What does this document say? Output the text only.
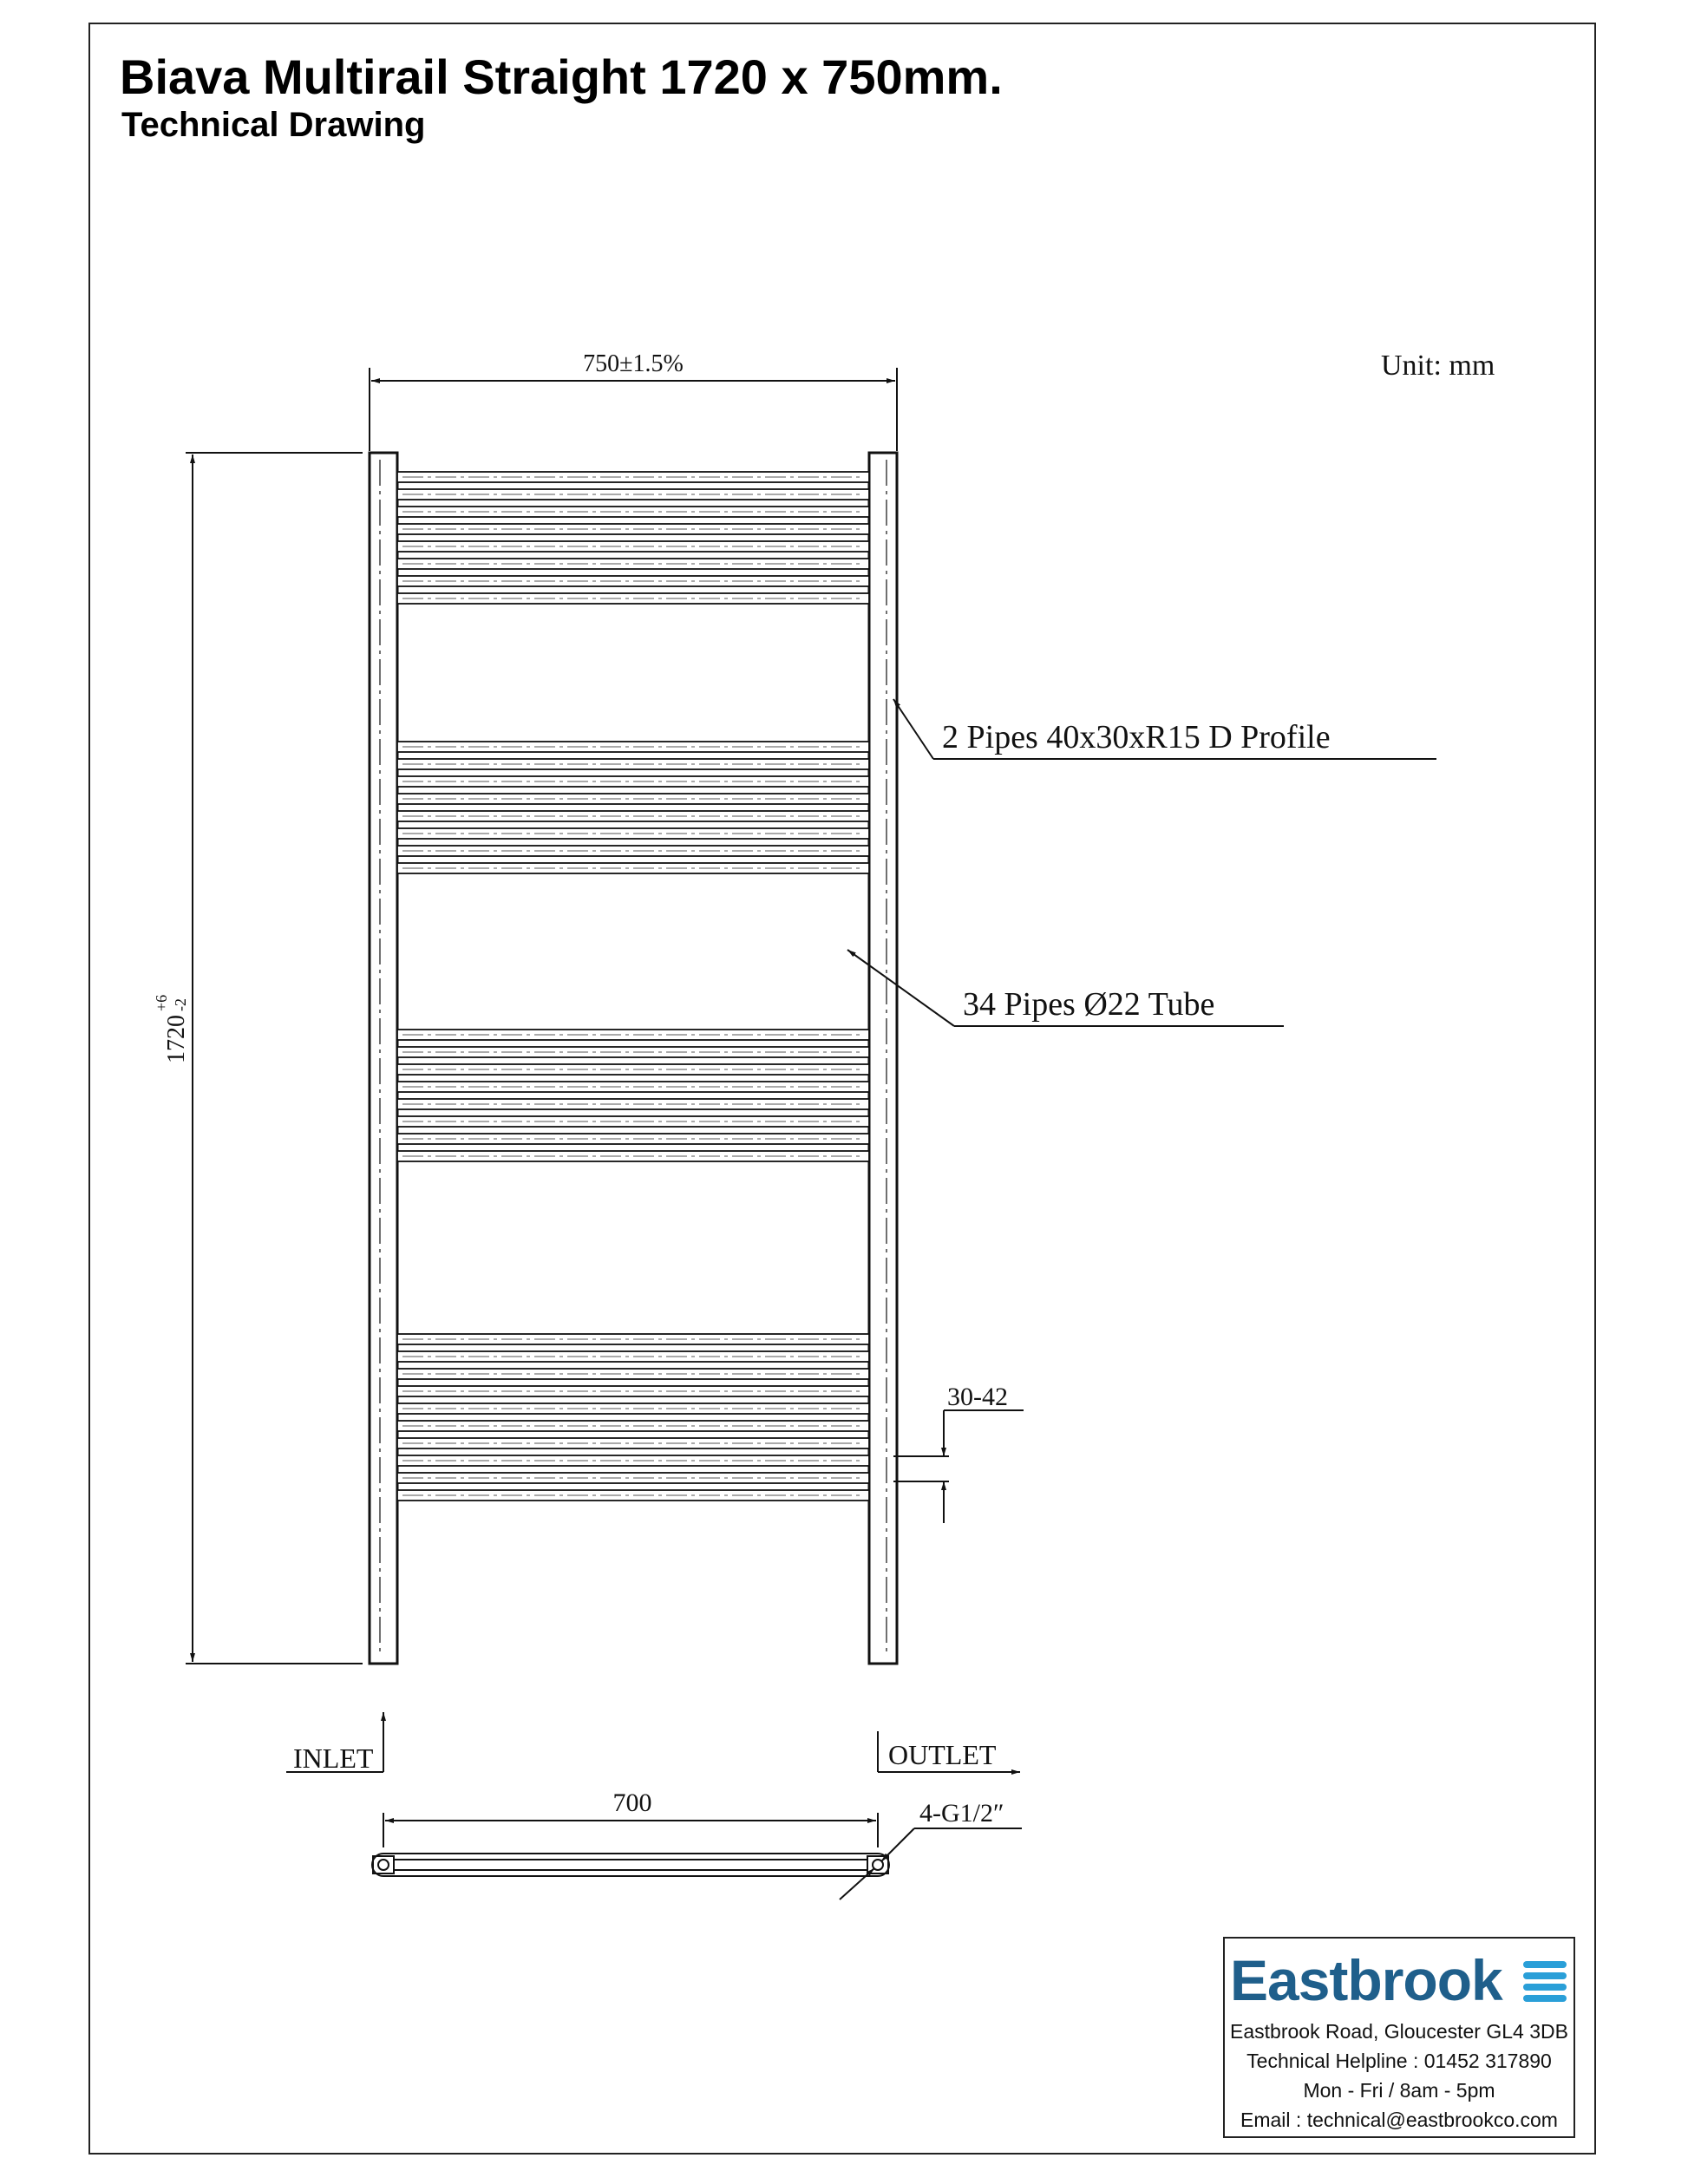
Biava Multirail Straight 1720 x 750mm.
Technical Drawing
Unit: mm
750±1.5%
1720
+6 -2
2 Pipes 40x30xR15 D Profile
34 Pipes Ø22 Tube
30-42
INLET	OUTLET
700	4-G1/2″
Eastbrook
Eastbrook Road, Gloucester GL4 3DB
Technical Helpline : 01452 317890
Mon - Fri / 8am - 5pm
Email : technical@eastbrookco.com
